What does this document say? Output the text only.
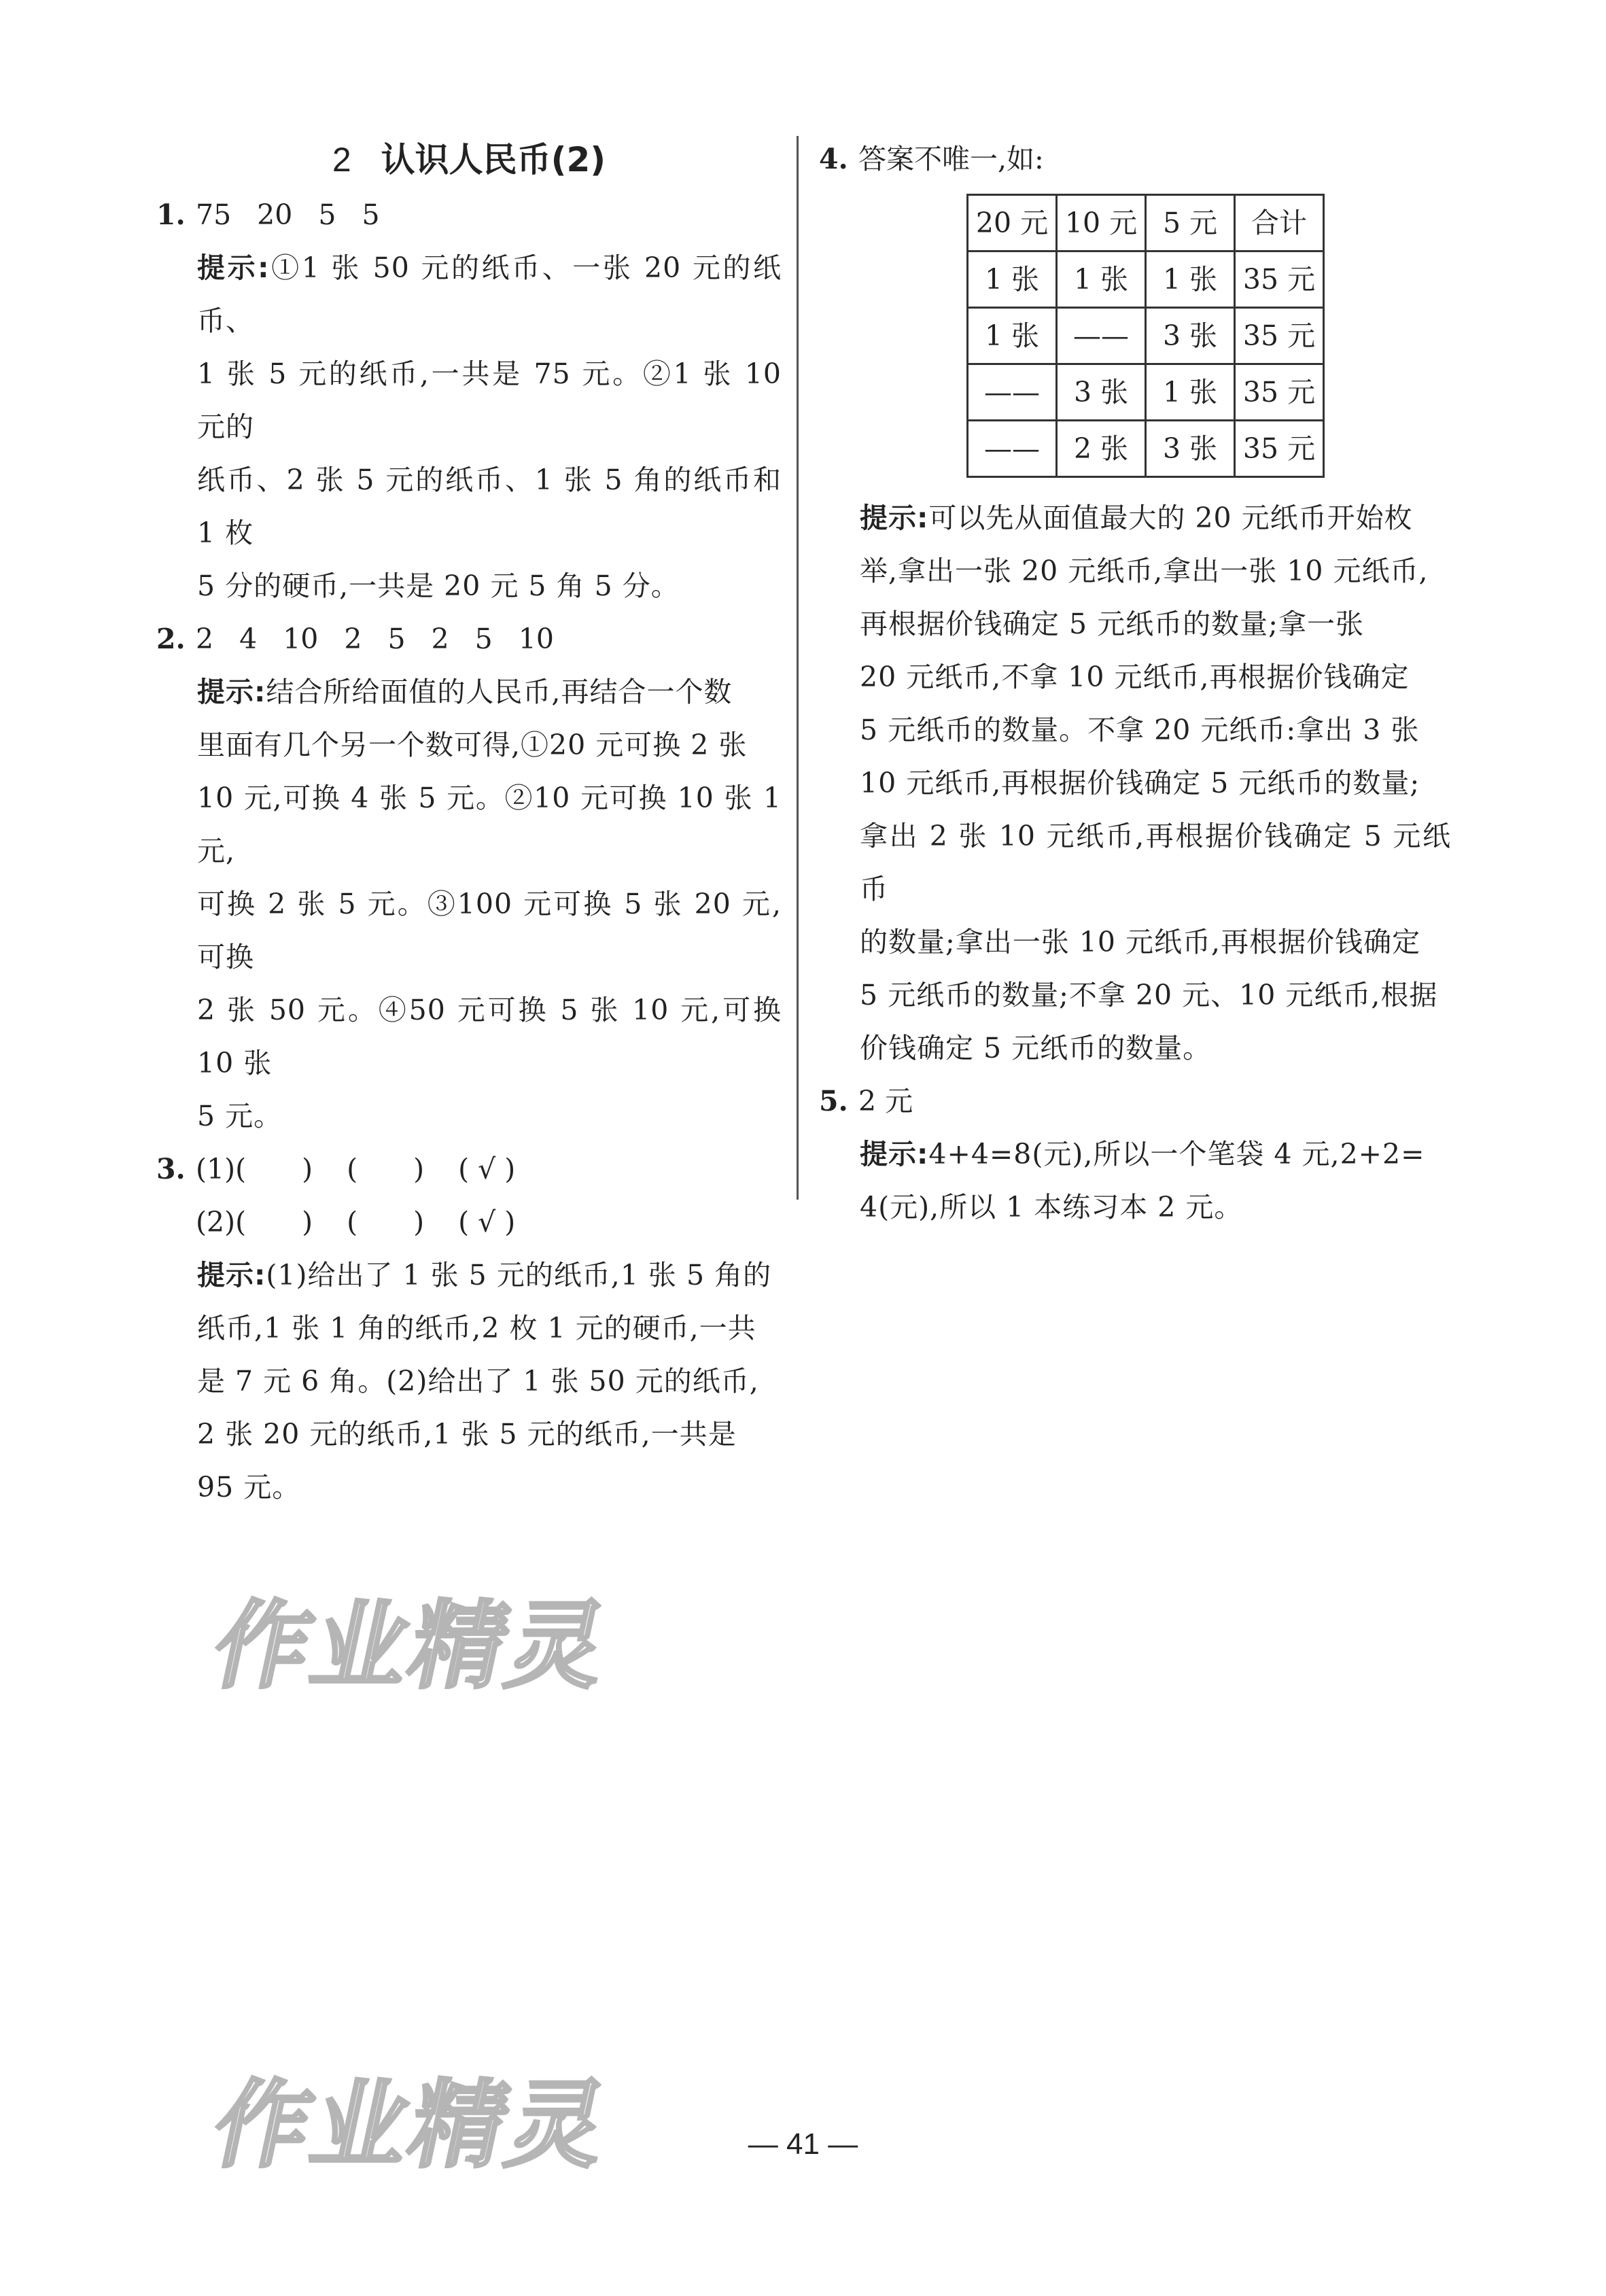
2 认识人民币(2)
1. 75 20 5 5
提示:①1 张 50 元的纸币、一张 20 元的纸币、
1 张 5 元的纸币,一共是 75 元。②1 张 10 元的
纸币、2 张 5 元的纸币、1 张 5 角的纸币和 1 枚
5 分的硬币,一共是 20 元 5 角 5 分。
2. 2 4 10 2 5 2 5 10
提示:结合所给面值的人民币,再结合一个数
里面有几个另一个数可得,①20 元可换 2 张
10 元,可换 4 张 5 元。②10 元可换 10 张 1 元,
可换 2 张 5 元。③100 元可换 5 张 20 元,可换
2 张 50 元。④50 元可换 5 张 10 元,可换 10 张
5 元。
3. (1)(　　) (　　) ( √ )
(2)(　　) (　　) ( √ )
提示:(1)给出了 1 张 5 元的纸币,1 张 5 角的
纸币,1 张 1 角的纸币,2 枚 1 元的硬币,一共
是 7 元 6 角。(2)给出了 1 张 50 元的纸币,
2 张 20 元的纸币,1 张 5 元的纸币,一共是
95 元。
4. 答案不唯一,如:
20 元	10 元	5 元	合计
1 张	1 张	1 张	35 元
1 张	——	3 张	35 元
——	3 张	1 张	35 元
——	2 张	3 张	35 元
提示:可以先从面值最大的 20 元纸币开始枚
举,拿出一张 20 元纸币,拿出一张 10 元纸币,
再根据价钱确定 5 元纸币的数量;拿一张
20 元纸币,不拿 10 元纸币,再根据价钱确定
5 元纸币的数量。不拿 20 元纸币:拿出 3 张
10 元纸币,再根据价钱确定 5 元纸币的数量;
拿出 2 张 10 元纸币,再根据价钱确定 5 元纸币
的数量;拿出一张 10 元纸币,再根据价钱确定
5 元纸币的数量;不拿 20 元、10 元纸币,根据
价钱确定 5 元纸币的数量。
5. 2 元
提示:4+4=8(元),所以一个笔袋 4 元,2+2=
4(元),所以 1 本练习本 2 元。
作业精灵
作业精灵	— 41 —
